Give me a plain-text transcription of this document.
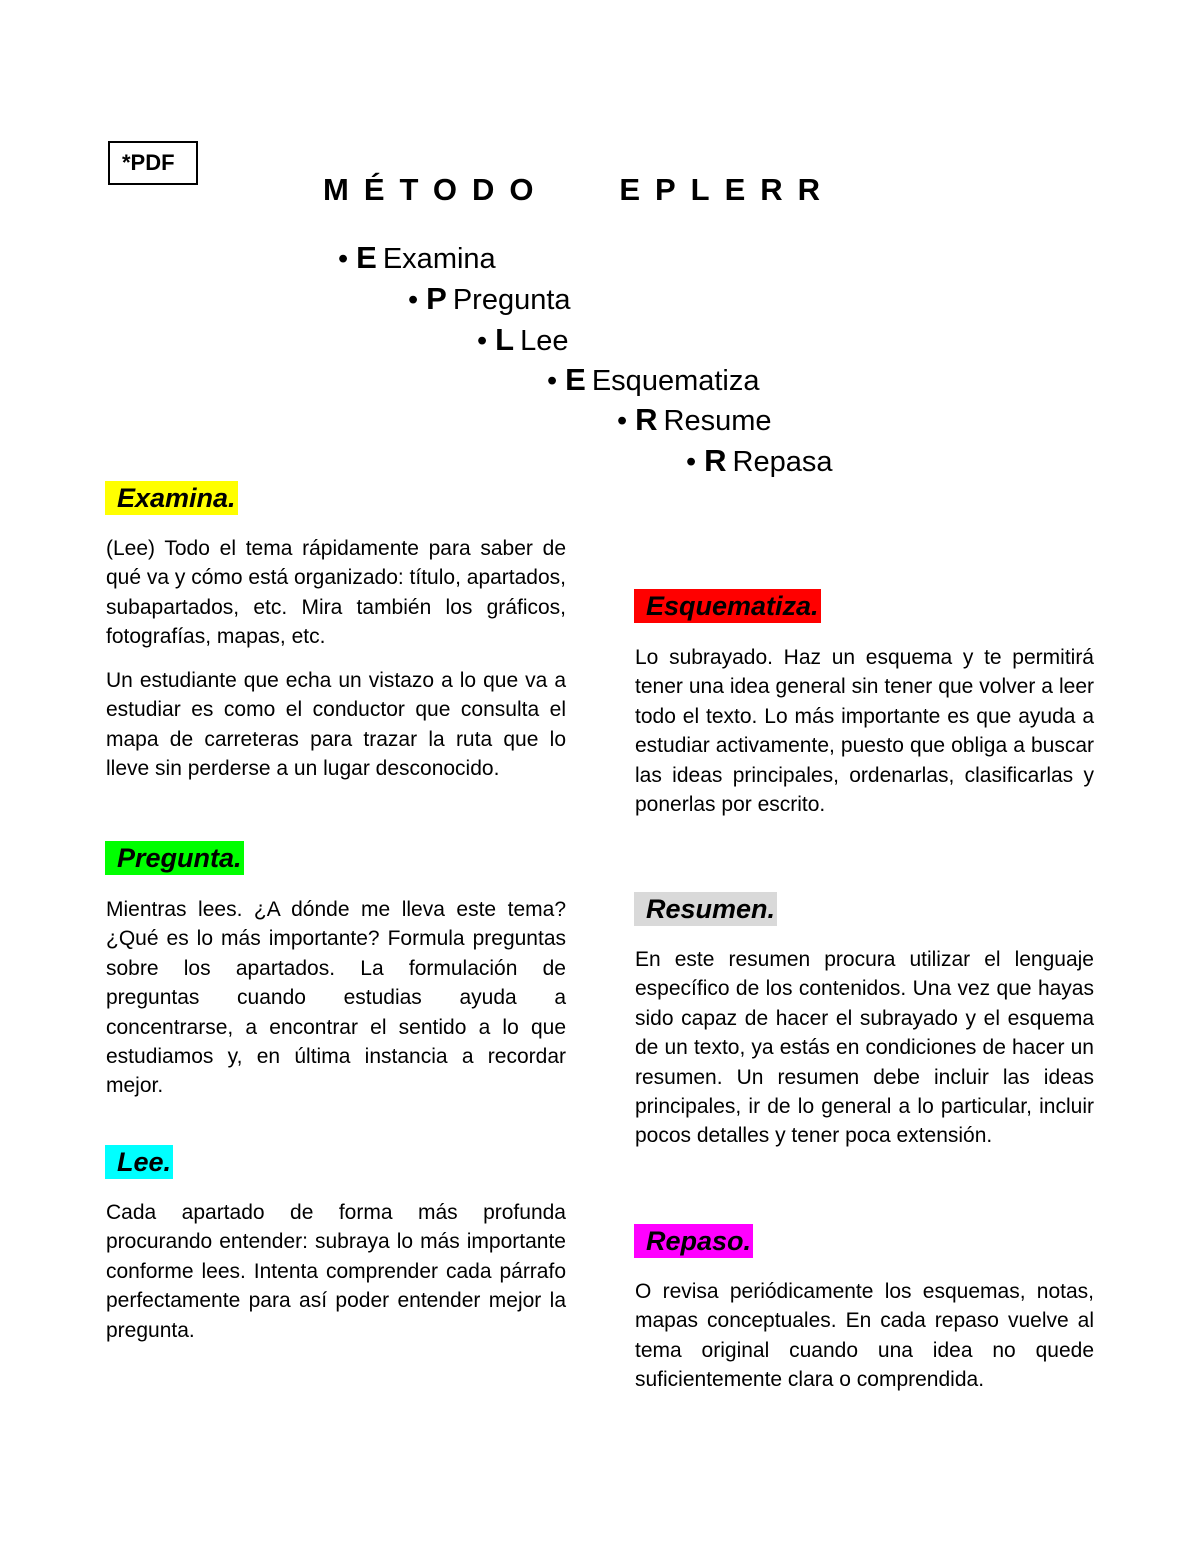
*PDF
MÉTODO   EPLERR
• E Examina
• P Pregunta
• L Lee
• E Esquematiza
• R Resume
• R Repasa
Examina.

(Lee) Todo el tema rápidamente para saber de qué va y cómo está organizado: título, apartados, subapartados, etc. Mira también los gráficos, fotografías, mapas, etc.

Un estudiante que echa un vistazo a lo que va a estudiar es como el conductor que consulta el mapa de carreteras para trazar la ruta que lo lleve sin perderse a un lugar desconocido.

Pregunta.

Mientras lees. ¿A dónde me lleva este tema? ¿Qué es lo más importante? Formula preguntas sobre los apartados. La formulación de preguntas cuando estudias ayuda a concentrarse, a encontrar el sentido a lo que estudiamos y, en última instancia a recordar mejor.

Lee.

Cada apartado de forma más profunda procurando entender: subraya lo más importante conforme lees. Intenta comprender cada párrafo perfectamente para así poder entender mejor la pregunta.

Esquematiza.

Lo subrayado. Haz un esquema y te permitirá tener una idea general sin tener que volver a leer todo el texto. Lo más importante es que ayuda a estudiar activamente, puesto que obliga a buscar las ideas principales, ordenarlas, clasificarlas y ponerlas por escrito.

Resumen.

En este resumen procura utilizar el lenguaje específico de los contenidos. Una vez que hayas sido capaz de hacer el subrayado y el esquema de un texto, ya estás en condiciones de hacer un resumen. Un resumen debe incluir las ideas principales, ir de lo general a lo particular, incluir pocos detalles y tener poca extensión.

Repaso.

O revisa periódicamente los esquemas, notas, mapas conceptuales. En cada repaso vuelve al tema original cuando una idea no quede suficientemente clara o comprendida.
